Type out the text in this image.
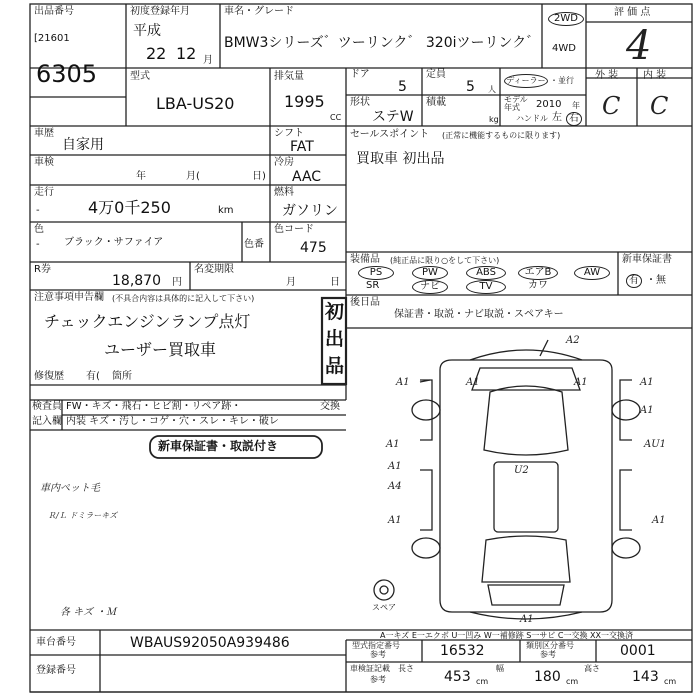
出品番号
[21601
6305
初度登録年月
平成
22 12 月
車名・グレード
BMW3シリーズ゛ツーリンク゛ 320iツーリンク゛
2WD
4WD
評 価 点
4
型式
LBA-US20
排気量
1995
CC
ドア
5
定員
5 人
ディーラー ・並行
形状
ステW
積載
kg
モデル
年式 2010 年
ハンドル 左 右
外 装 内 装
C C
車歴
自家用
シフト
FAT
車検
年	月(	日)
冷房
AAC
走行
-	4万0千250	km
燃料
ガソリン
色
- ブラック・サファイア	色番
色コード
475
R券
18,870 円
名変期限
月	日
注意事項申告欄 (不具合内容は具体的に記入して下さい)
チェックエンジンランプ点灯
ユーザー買取車
修復歴 有( 箇所
初
出
品
セールスポイント (正常に機能するものに限ります)
買取車 初出品
装備品 (純正品に限り○をして下さい)
PS	PW	ABS	エアB	AW
SR	ナビ	TV	カワ
新車保証書
有 ・無
後日品
保証書・取説・ナビ取説・スペアキー
検査員
記入欄
FW・キズ・飛石・ヒビ割・リペア跡・	交換
内装 キズ・汚し・コゲ・穴・スレ・キレ・破レ
新車保証書・取説付き
車内ペット毛
Ｒ/Ｌ ドミラーキズ
各 キズ ・Ｍ
A2
A1
A1
A1
A4
A1
A1
A1
AU1
A1
A1	A1
U2
A1
スペア
A一キズ E一エクボ U一凹み W一補修跡 S一サビ C一交換 XX一交換済
車台番号	WBAUS92050A939486
登録番号
型式指定番号
参考	16532	類別区分番号
参考	0001
車検証記載
参考
長さ
453 cm
幅
180 cm
高さ
143 cm
